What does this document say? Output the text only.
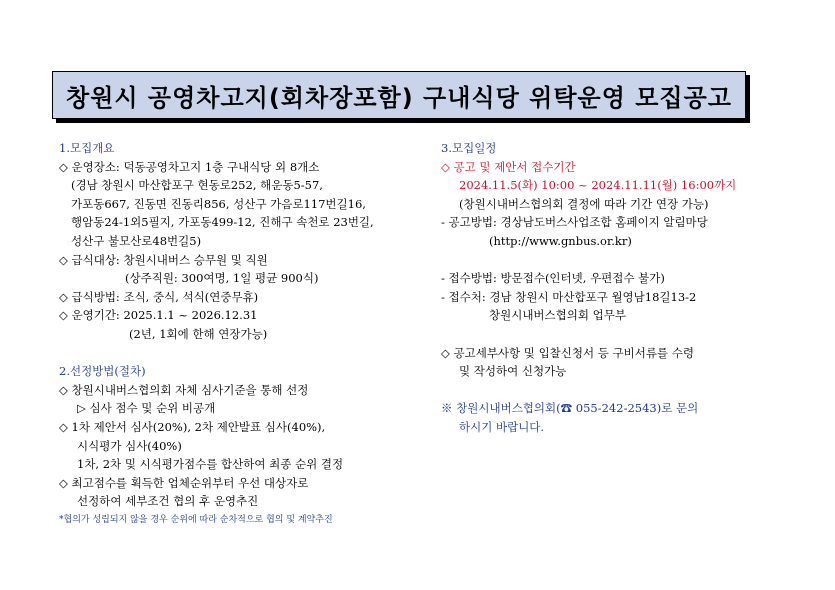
창원시 공영차고지(회차장포함) 구내식당 위탁운영 모집공고
1.모집개요
◇ 운영장소: 덕동공영차고지 1층 구내식당 외 8개소
(경남 창원시 마산합포구 현동로252, 해운동5-57,
가포동667, 진동면 진동리856, 성산구 가음로117번길16,
행암동24-1외5필지, 가포동499-12, 진해구 속천로 23번길,
성산구 불모산로48번길5)
◇ 급식대상: 창원시내버스 승무원 및 직원
(상주직원: 300여명, 1일 평균 900식)
◇ 급식방법: 조식, 중식, 석식(연중무휴)
◇ 운영기간: 2025.1.1 ~ 2026.12.31
(2년, 1회에 한해 연장가능)
2.선정방법(절차)
◇ 창원시내버스협의회 자체 심사기준을 통해 선정
▷ 심사 점수 및 순위 비공개
◇ 1차 제안서 심사(20%), 2차 제안발표 심사(40%),
시식평가 심사(40%)
1차, 2차 및 시식평가점수를 합산하여 최종 순위 결정
◇ 최고점수를 획득한 업체순위부터 우선 대상자로
선정하여 세부조건 협의 후 운영추진
*협의가 성립되지 않을 경우 순위에 따라 순차적으로 협의 및 계약추진
3.모집일정
◇ 공고 및 제안서 접수기간
2024.11.5(화) 10:00 ~ 2024.11.11(월) 16:00까지
(창원시내버스협의회 결정에 따라 기간 연장 가능)
- 공고방법: 경상남도버스사업조합 홈페이지 알림마당
(http://www.gnbus.or.kr)
- 접수방법: 방문접수(인터넷, 우편접수 불가)
- 접수처: 경남 창원시 마산합포구 월영남18길13-2
창원시내버스협의회 업무부
◇ 공고세부사항 및 입찰신청서 등 구비서류를 수령
및 작성하여 신청가능
※ 창원시내버스협의회(☎ 055-242-2543)로 문의
하시기 바랍니다.
